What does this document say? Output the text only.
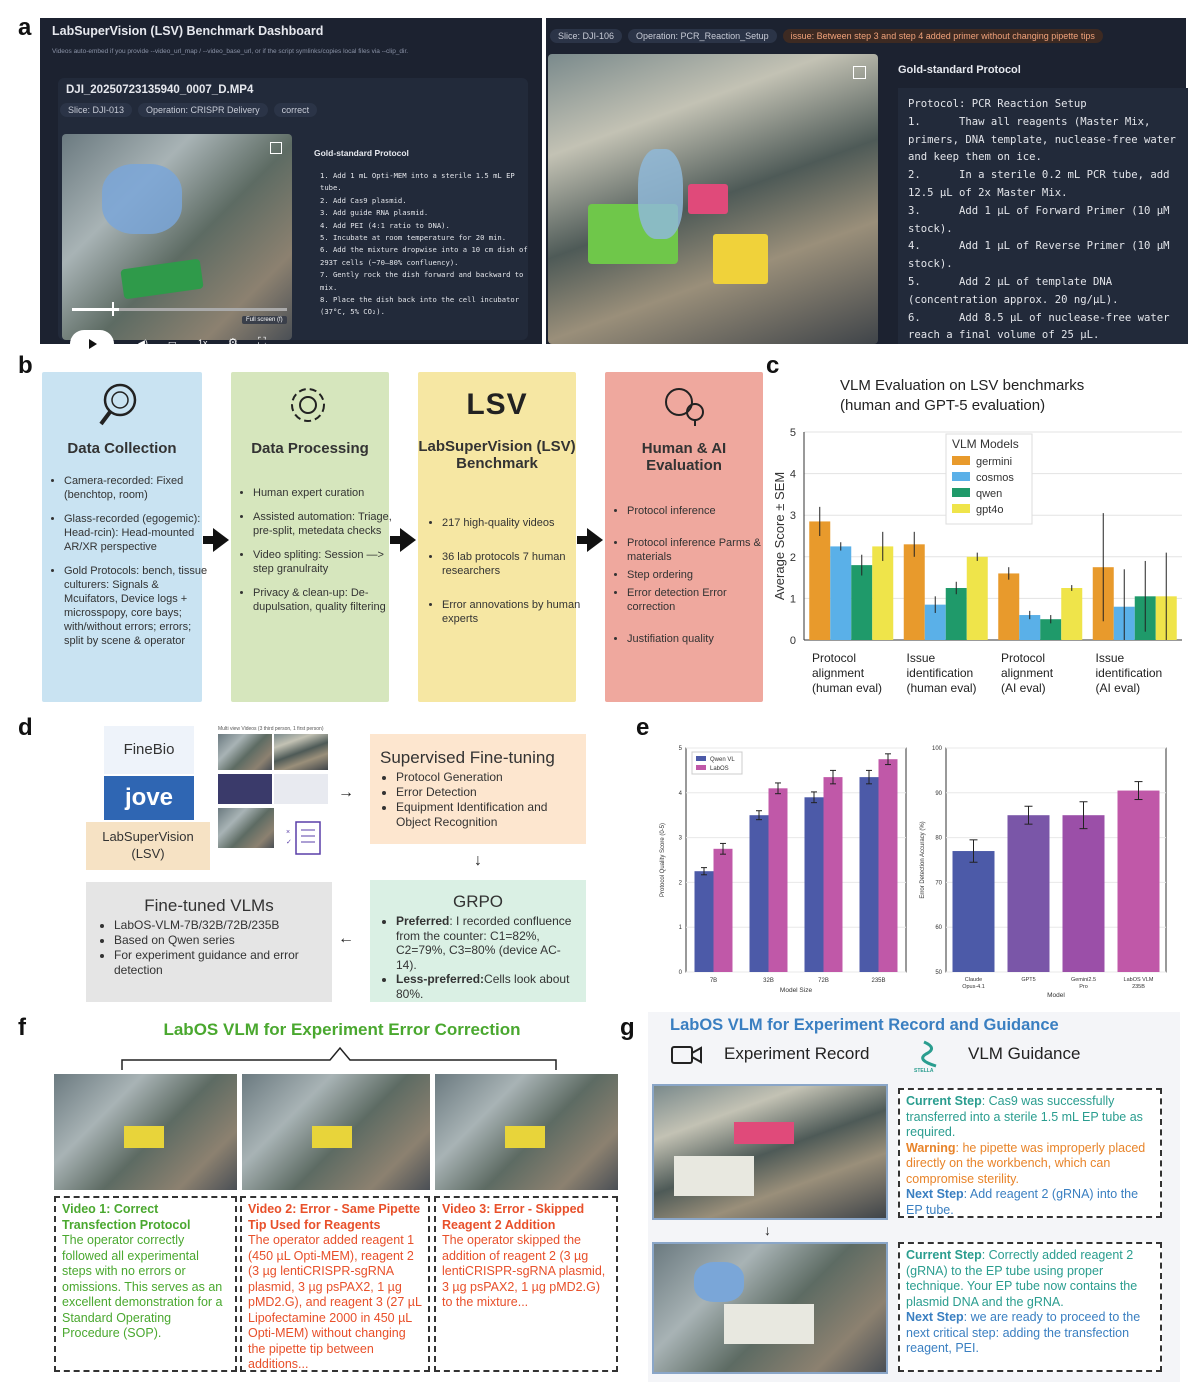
a LabSuperVision (LSV) Benchmark Dashboard
Videos auto-embed if you provide --video_url_map / --video_base_url, or if the script symlinks/copies local files via --clip_dir.
DJI_20250723135940_0007_D.MP4
Slice: DJI-013 Operation: CRISPR Delivery correct
Full screen (f)
◀) ▭ 1x ⚙ ⛶
Gold-standard Protocol
1. Add 1 mL Opti-MEM into a sterile 1.5 mL EP tube.
2. Add Cas9 plasmid.
3. Add guide RNA plasmid.
4. Add PEI (4:1 ratio to DNA).
5. Incubate at room temperature for 20 min.
6. Add the mixture dropwise into a 10 cm dish of 293T cells (~70–80% confluency).
7. Gently rock the dish forward and backward to mix.
8. Place the dish back into the cell incubator (37°C, 5% CO₂).
Slice: DJI-106 Operation: PCR_Reaction_Setup issue: Between step 3 and step 4 added primer without changing pipette tips
Gold-standard Protocol
Protocol: PCR Reaction Setup
1.      Thaw all reagents (Master Mix, primers, DNA template, nuclease-free water and keep them on ice.
2.      In a sterile 0.2 mL PCR tube, add 12.5 µL of 2x Master Mix.
3.      Add 1 µL of Forward Primer (10 µM stock).
4.      Add 1 µL of Reverse Primer (10 µM stock).
5.      Add 2 µL of template DNA (concentration approx. 20 ng/µL).
6.      Add 8.5 µL of nuclease-free water reach a final volume of 25 µL.
b
Data Collection
• Camera-recorded: Fixed (benchtop, room)
• Glass-recorded (egogemic): Head-rcin): Head-mounted AR/XR perspective
• Gold Protocols: bench, tissue culturers: Signals & Mcuifators, Device logs + microsspopy, core bays; with/without errors; errors; split by scene & operator
Data Processing
• Human expert curation
• Assisted automation: Triage, pre-split, metedata checks
• Video spliting: Session —> step granulraity
• Privacy & clean-up: De-dupulsation, quality filtering
LSV
LabSuperVision (LSV) Benchmark
• 217 high-quality videos
• 36 lab protocols 7 human researchers
• Error annovations by human experts
Human & AI Evaluation
• Protocol inference
• Protocol inference Parms & materials
• Step ordering
• Error detection Error correction
• Justifiation quality
c
VLM Evaluation on LSV benchmarks
(human and GPT-5 evaluation)
0
1
2
3
4
5
Average Score ± SEM
Protocol
alignment
(human eval)
Issue
identification
(human eval)
Protocol
alignment
(AI eval)
Issue
identification
(AI eval)
VLM Models
germini
cosmos
qwen
gpt4o
d
FineBio
jove
LabSuperVision (LSV)
Multi view Videos (3 third person, 1 first person)
×
✓
→
Supervised Fine-tuning
• Protocol Generation
• Error Detection
• Equipment Identification and Object Recognition
↓
GRPO
• Preferred: I recorded confluence from the counter: C1=82%, C2=79%, C3=80% (device AC-14).
• Less-preferred:Cells look about 80%.
←
Fine-tuned VLMs
• LabOS-VLM-7B/32B/72B/235B
• Based on Qwen series
• For experiment guidance and error detection
e
0
1
2
3
4
5
Protocol Quality Score (0-5)
7B	32B	72B	235B
Model Size
Qwen VL
LabOS
50
60
70
80
90
100
Error Detection Accuracy (%)
Claude
Opus-4.1
GPT5	Gemini2.5
Pro
LabOS VLM
235B
Model
f	LabOS VLM for Experiment Error Correction
Video 1: Correct Transfection Protocol
The operator correctly followed all experimental steps with no errors or omissions. This serves as an excellent demonstration for a Standard Operating Procedure (SOP).
Video 2: Error - Same Pipette Tip Used for Reagents
The operator added reagent 1 (450 µL Opti-MEM), reagent 2 (3 µg lentiCRISPR-sgRNA plasmid, 3 µg psPAX2, 1 µg pMD2.G), and reagent 3 (27 µL Lipofectamine 2000 in 450 µL Opti-MEM) without changing the pipette tip between additions...
Video 3: Error - Skipped Reagent 2 Addition
The operator skipped the addition of reagent 2 (3 µg lentiCRISPR-sgRNA plasmid, 3 µg psPAX2, 1 µg pMD2.G) to the mixture...
g LabOS VLM for Experiment Record and Guidance
Experiment Record
STELLA
VLM Guidance
↓
Current Step: Cas9 was successfully transferred into a sterile 1.5 mL EP tube as required.
Warning: he pipette was improperly placed directly on the workbench, which can compromise sterility.
Next Step: Add reagent 2 (gRNA) into the EP tube.
Current Step: Correctly added reagent 2 (gRNA) to the EP tube using proper technique. Your EP tube now contains the plasmid DNA and the gRNA.
Next Step: we are ready to proceed to the next critical step: adding the transfection reagent, PEI.
